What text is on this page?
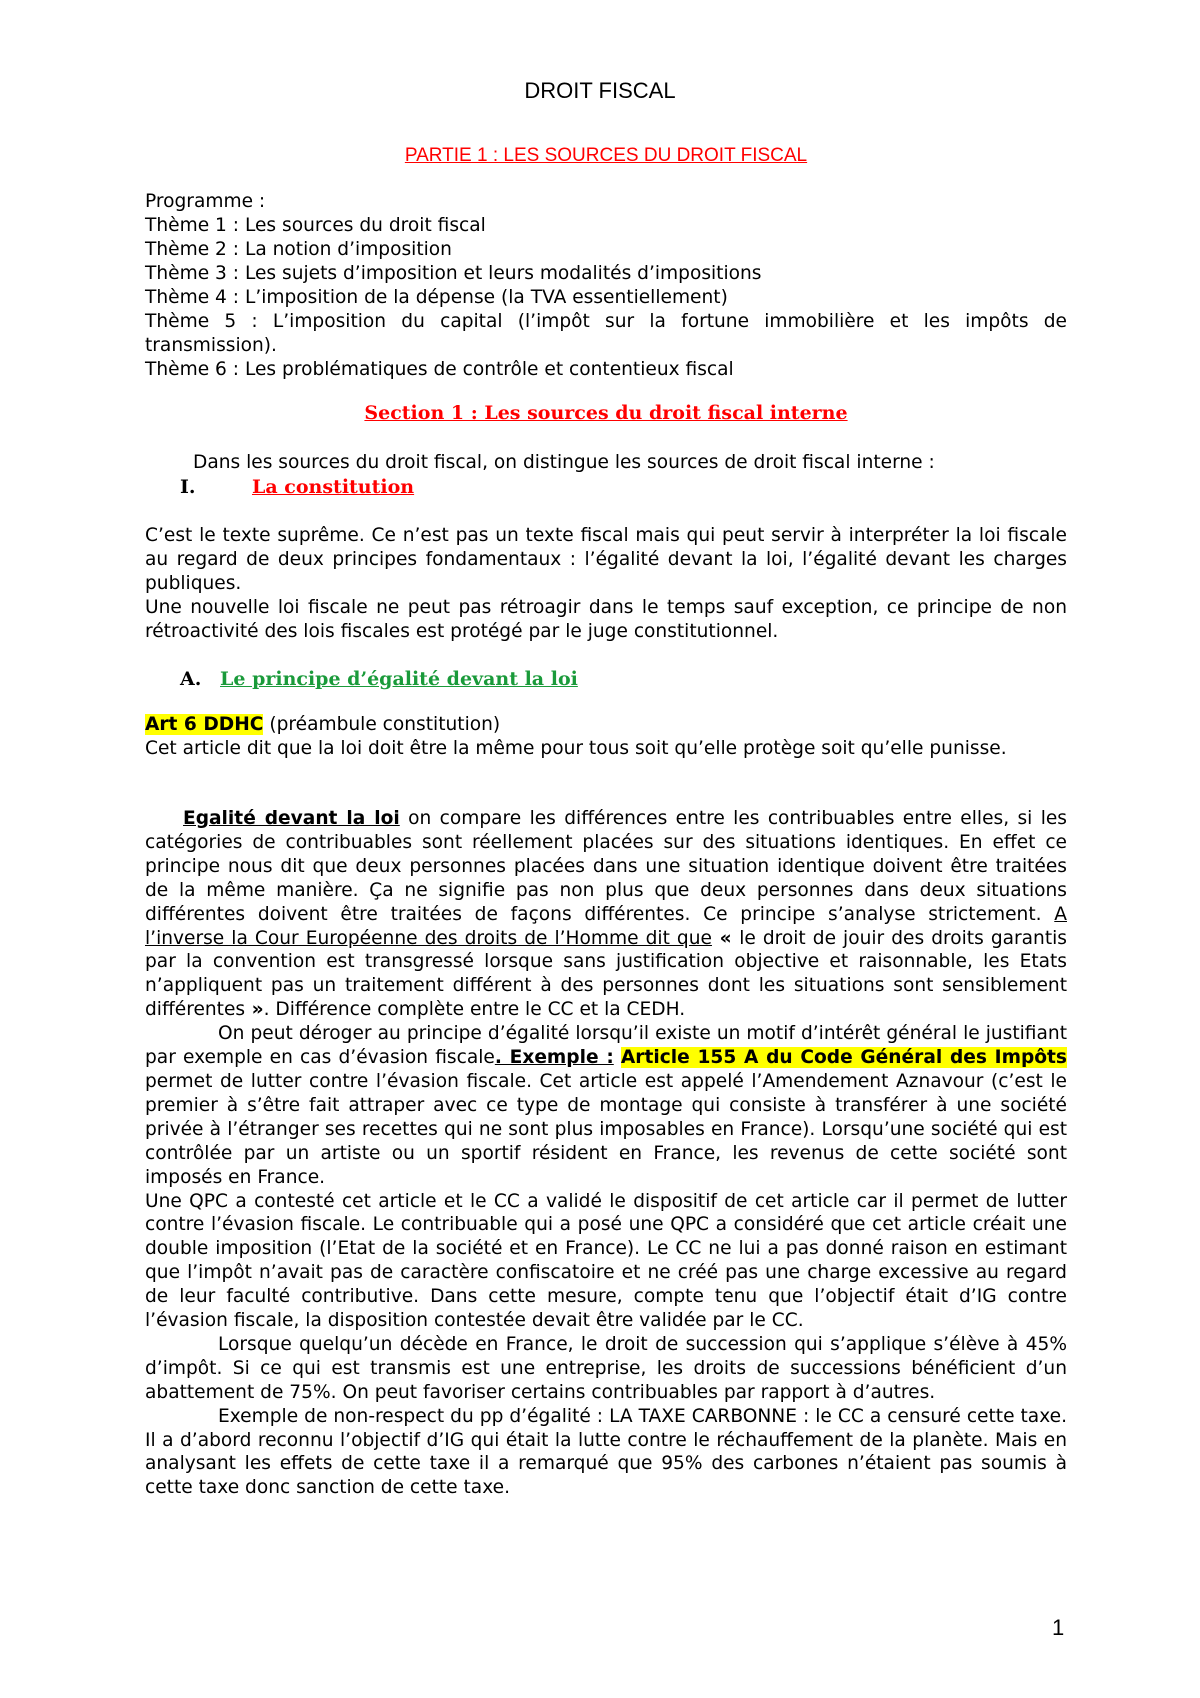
DROIT FISCAL
PARTIE 1 : LES SOURCES DU DROIT FISCAL
Programme :
Thème 1 : Les sources du droit fiscal
Thème 2 : La notion d’imposition
Thème 3 : Les sujets d’imposition et leurs modalités d’impositions
Thème 4 : L’imposition de la dépense (la TVA essentiellement)
Thème 5 : L’imposition du capital (l’impôt sur la fortune immobilière et les impôts de transmission).
Thème 6 : Les problématiques de contrôle et contentieux fiscal
Section 1 : Les sources du droit fiscal interne
Dans les sources du droit fiscal, on distingue les sources de droit fiscal interne :
I.	La constitution
C’est le texte suprême. Ce n’est pas un texte fiscal mais qui peut servir à interpréter la loi fiscale au regard de deux principes fondamentaux : l’égalité devant la loi, l’égalité devant les charges publiques.
Une nouvelle loi fiscale ne peut pas rétroagir dans le temps sauf exception, ce principe de non rétroactivité des lois fiscales est protégé par le juge constitutionnel.
A. Le principe d’égalité devant la loi
Art 6 DDHC (préambule constitution)
Cet article dit que la loi doit être la même pour tous soit qu’elle protège soit qu’elle punisse.

Egalité devant la loi on compare les différences entre les contribuables entre elles, si les catégories de contribuables sont réellement placées sur des situations identiques. En effet ce principe nous dit que deux personnes placées dans une situation identique doivent être traitées de la même manière. Ça ne signifie pas non plus que deux personnes dans deux situations différentes doivent être traitées de façons différentes. Ce principe s’analyse strictement. A l’inverse la Cour Européenne des droits de l’Homme dit que « le droit de jouir des droits garantis par la convention est transgressé lorsque sans justification objective et raisonnable, les Etats n’appliquent pas un traitement différent à des personnes dont les situations sont sensiblement différentes ». Différence complète entre le CC et la CEDH.

On peut déroger au principe d’égalité lorsqu’il existe un motif d’intérêt général le justifiant par exemple en cas d’évasion fiscale. Exemple : Article 155 A du Code Général des Impôts permet de lutter contre l’évasion fiscale. Cet article est appelé l’Amendement Aznavour (c’est le premier à s’être fait attraper avec ce type de montage qui consiste à transférer à une société privée à l’étranger ses recettes qui ne sont plus imposables en France). Lorsqu’une société qui est contrôlée par un artiste ou un sportif résident en France, les revenus de cette société sont imposés en France.

Une QPC a contesté cet article et le CC a validé le dispositif de cet article car il permet de lutter contre l’évasion fiscale. Le contribuable qui a posé une QPC a considéré que cet article créait une double imposition (l’Etat de la société et en France). Le CC ne lui a pas donné raison en estimant que l’impôt n’avait pas de caractère confiscatoire et ne créé pas une charge excessive au regard de leur faculté contributive. Dans cette mesure, compte tenu que l’objectif était d’IG contre l’évasion fiscale, la disposition contestée devait être validée par le CC.

Lorsque quelqu’un décède en France, le droit de succession qui s’applique s’élève à 45% d’impôt. Si ce qui est transmis est une entreprise, les droits de successions bénéficient d’un abattement de 75%. On peut favoriser certains contribuables par rapport à d’autres.

Exemple de non-respect du pp d’égalité : LA TAXE CARBONNE : le CC a censuré cette taxe. Il a d’abord reconnu l’objectif d’IG qui était la lutte contre le réchauffement de la planète. Mais en analysant les effets de cette taxe il a remarqué que 95% des carbones n’étaient pas soumis à cette taxe donc sanction de cette taxe.

1
